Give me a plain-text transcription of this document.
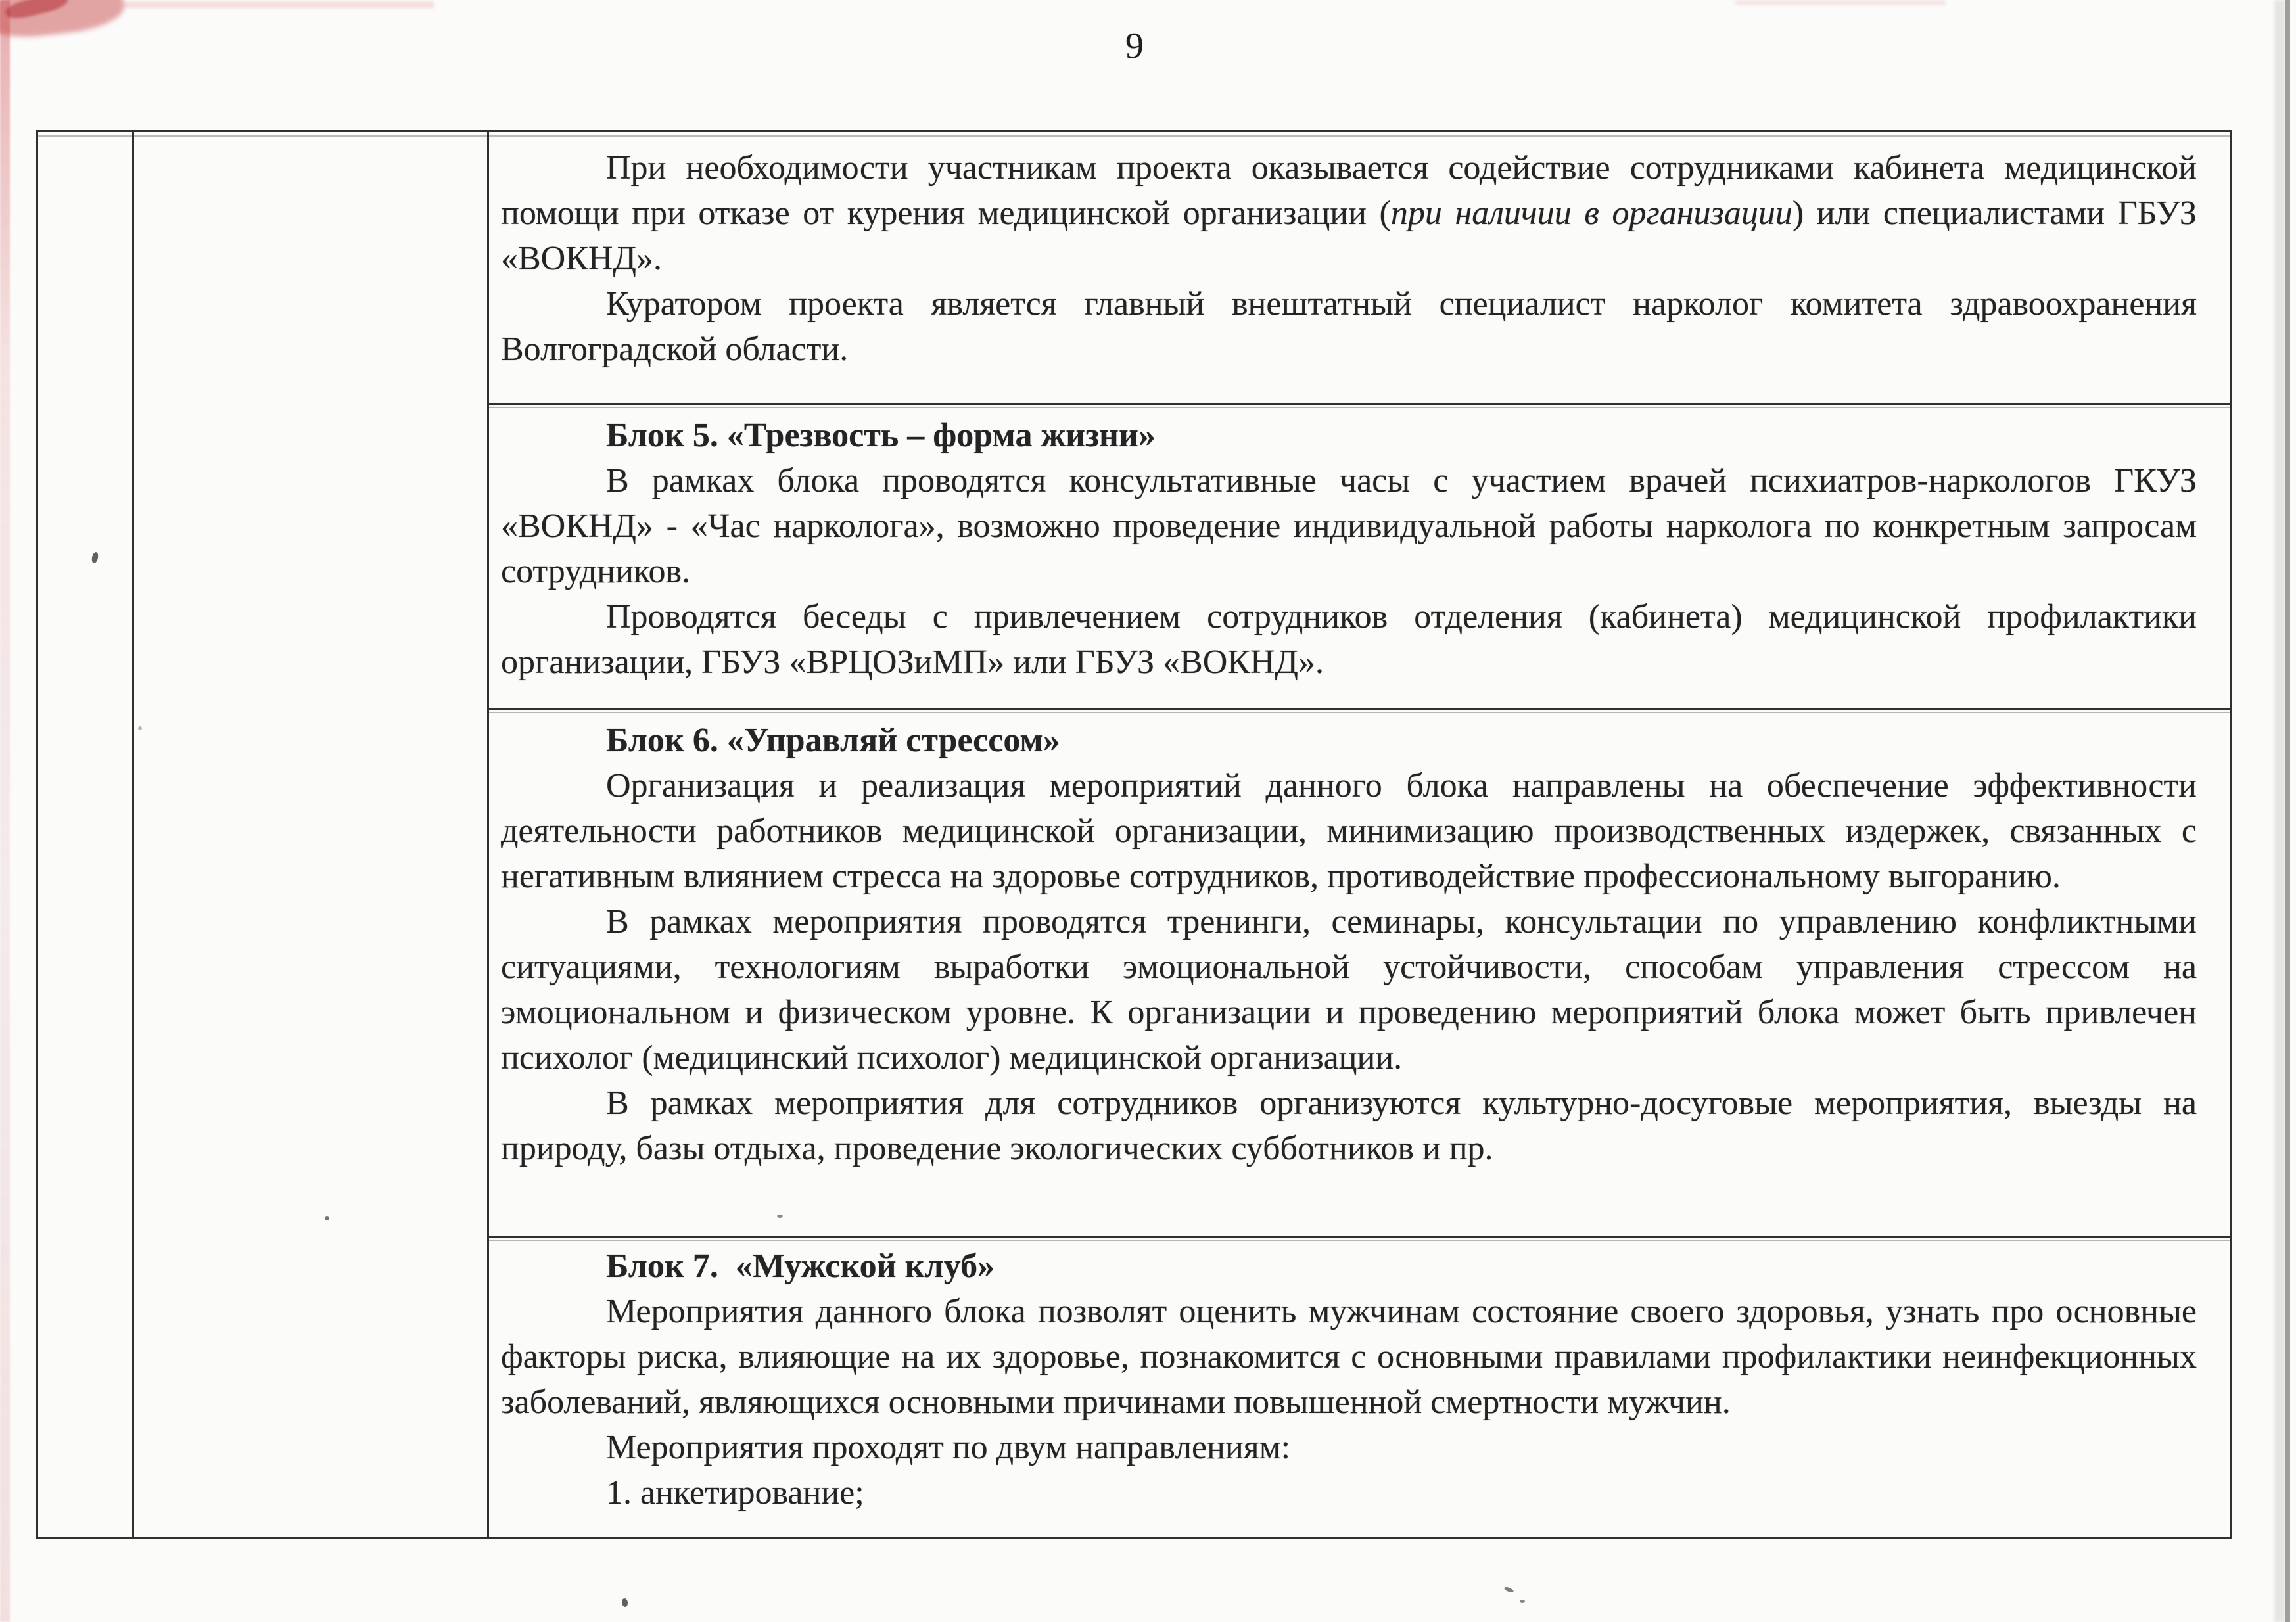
9

При необходимости участникам проекта оказывается содействие сотрудниками кабинета медицинской помощи при отказе от курения медицинской организации (при наличии в организации) или специалистами ГБУЗ «ВОКНД».

Куратором проекта является главный внештатный специалист нарколог комитета здравоохранения Волгоградской области.

Блок 5. «Трезвость – форма жизни»

В рамках блока проводятся консультативные часы с участием врачей психиатров-наркологов ГКУЗ «ВОКНД» - «Час нарколога», возможно проведение индивидуальной работы нарколога по конкретным запросам сотрудников.

Проводятся беседы с привлечением сотрудников отделения (кабинета) медицинской профилактики организации, ГБУЗ «ВРЦОЗиМП» или ГБУЗ «ВОКНД».

Блок 6. «Управляй стрессом»

Организация и реализация мероприятий данного блока направлены на обеспечение эффективности деятельности работников медицинской организации, минимизацию производственных издержек, связанных с негативным влиянием стресса на здоровье сотрудников, противодействие профессиональному выгоранию.

В рамках мероприятия проводятся тренинги, семинары, консультации по управлению конфликтными ситуациями, технологиям выработки эмоциональной устойчивости, способам управления стрессом на эмоциональном и физическом уровне. К организации и проведению мероприятий блока может быть привлечен психолог (медицинский психолог) медицинской организации.

В рамках мероприятия для сотрудников организуются культурно-досуговые мероприятия, выезды на природу, базы отдыха, проведение экологических субботников и пр.

Блок 7.  «Мужской клуб»

Мероприятия данного блока позволят оценить мужчинам состояние своего здоровья, узнать про основные факторы риска, влияющие на их здоровье, познакомится с основными правилами профилактики неинфекционных заболеваний, являющихся основными причинами повышенной смертности мужчин.

Мероприятия проходят по двум направлениям:

1. анкетирование;
